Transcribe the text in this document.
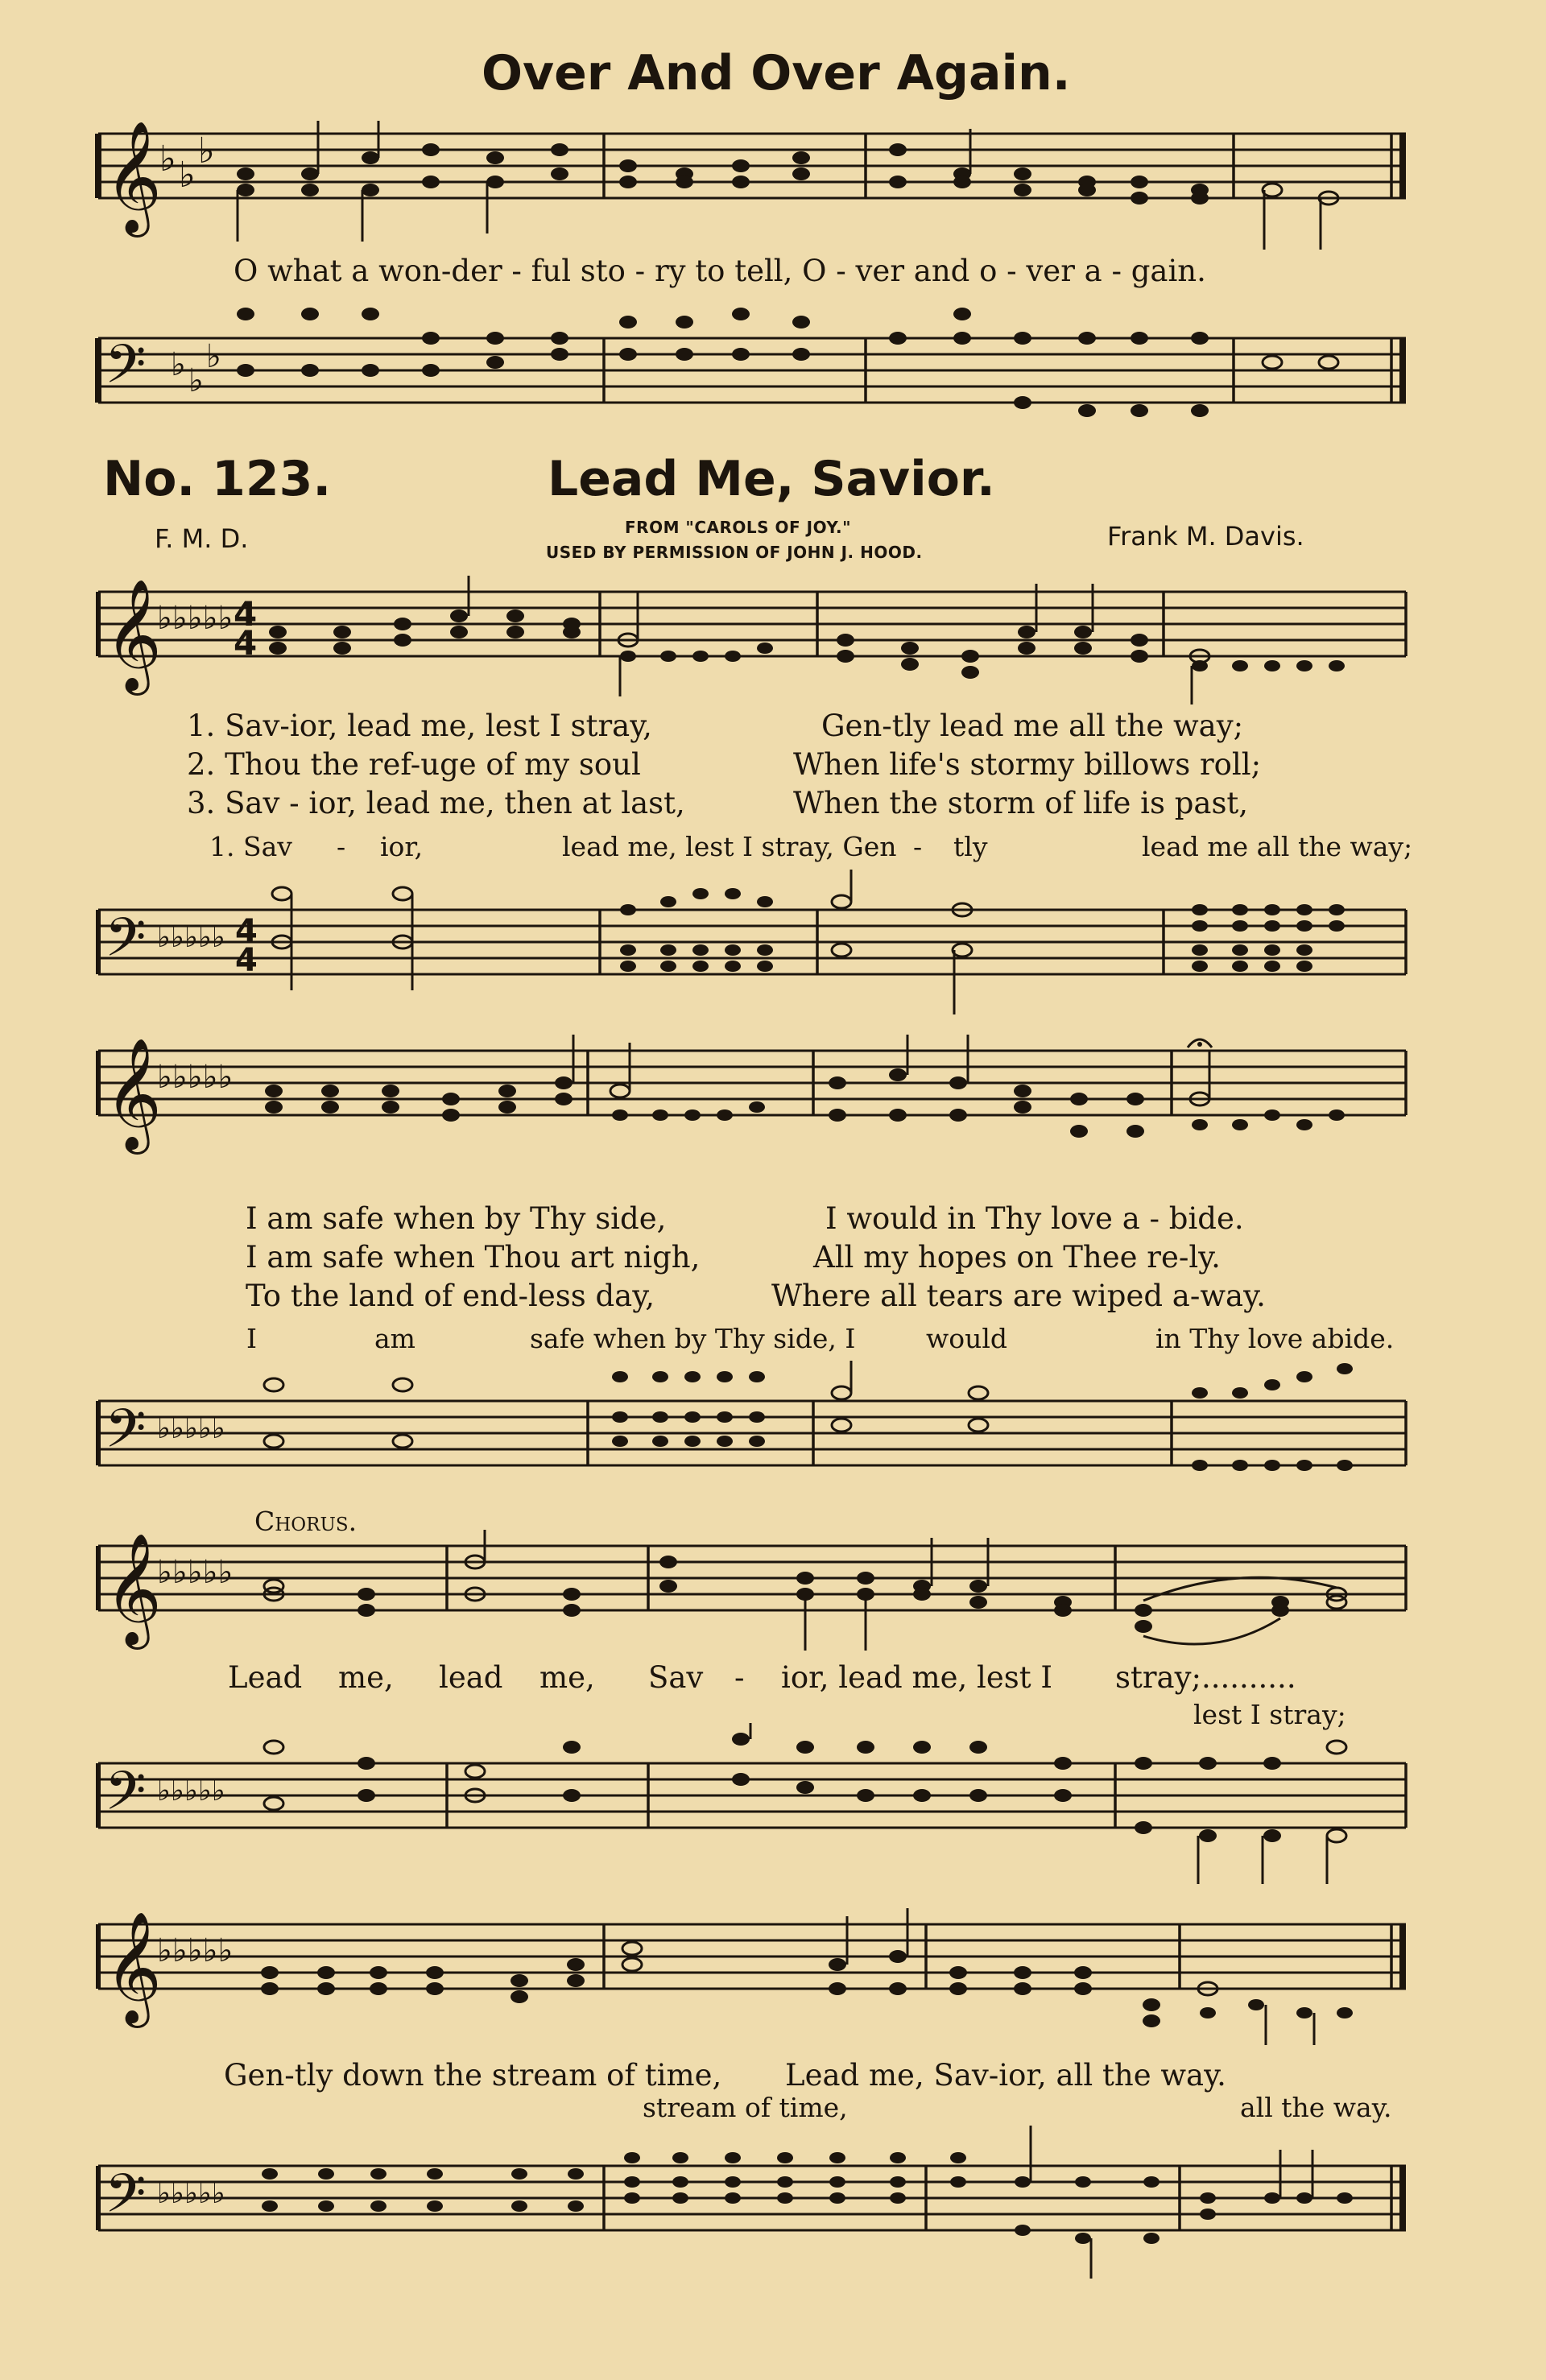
Over And Over Again.
𝄞
♭ ♭
♭
O what a won-der - ful sto - ry to tell, O - ver and o - ver a - gain.
𝄢 ♭ ♭
♭
No. 123.	Lead Me, Savior.
F. M. D.	FROM "CAROLS OF JOY."
USED BY PERMISSION OF JOHN J. HOOD.
Frank M. Davis.
𝄞
♭♭♭♭♭ 4
4
1. Sav-ior, lead me, lest I stray,	Gen-tly lead me all the way;
2. Thou the ref-uge of my soul	When life's stormy billows roll;
3. Sav - ior, lead me, then at last,	When the storm of life is past,
1. Sav - ior,	lead me, lest I stray, Gen - tly	lead me all the way;
𝄢 ♭♭♭♭♭ 4
4
𝄞
♭♭♭♭♭
I am safe when by Thy side,	I would in Thy love a - bide.
I am safe when Thou art nigh,	All my hopes on Thee re-ly.
To the land of end-less day,	Where all tears are wiped a-way.
I	am	safe when by Thy side, I	would	in Thy love abide.
𝄢 ♭♭♭♭♭
Chorus.
𝄞
♭♭♭♭♭
Lead me, lead me, Sav - ior, lead me, lest I stray;..........
lest I stray;
𝄢 ♭♭♭♭♭
𝄞
♭♭♭♭♭
Gen-tly down the stream of time, Lead me, Sav-ior, all the way.
stream of time,	all the way.
𝄢 ♭♭♭♭♭
